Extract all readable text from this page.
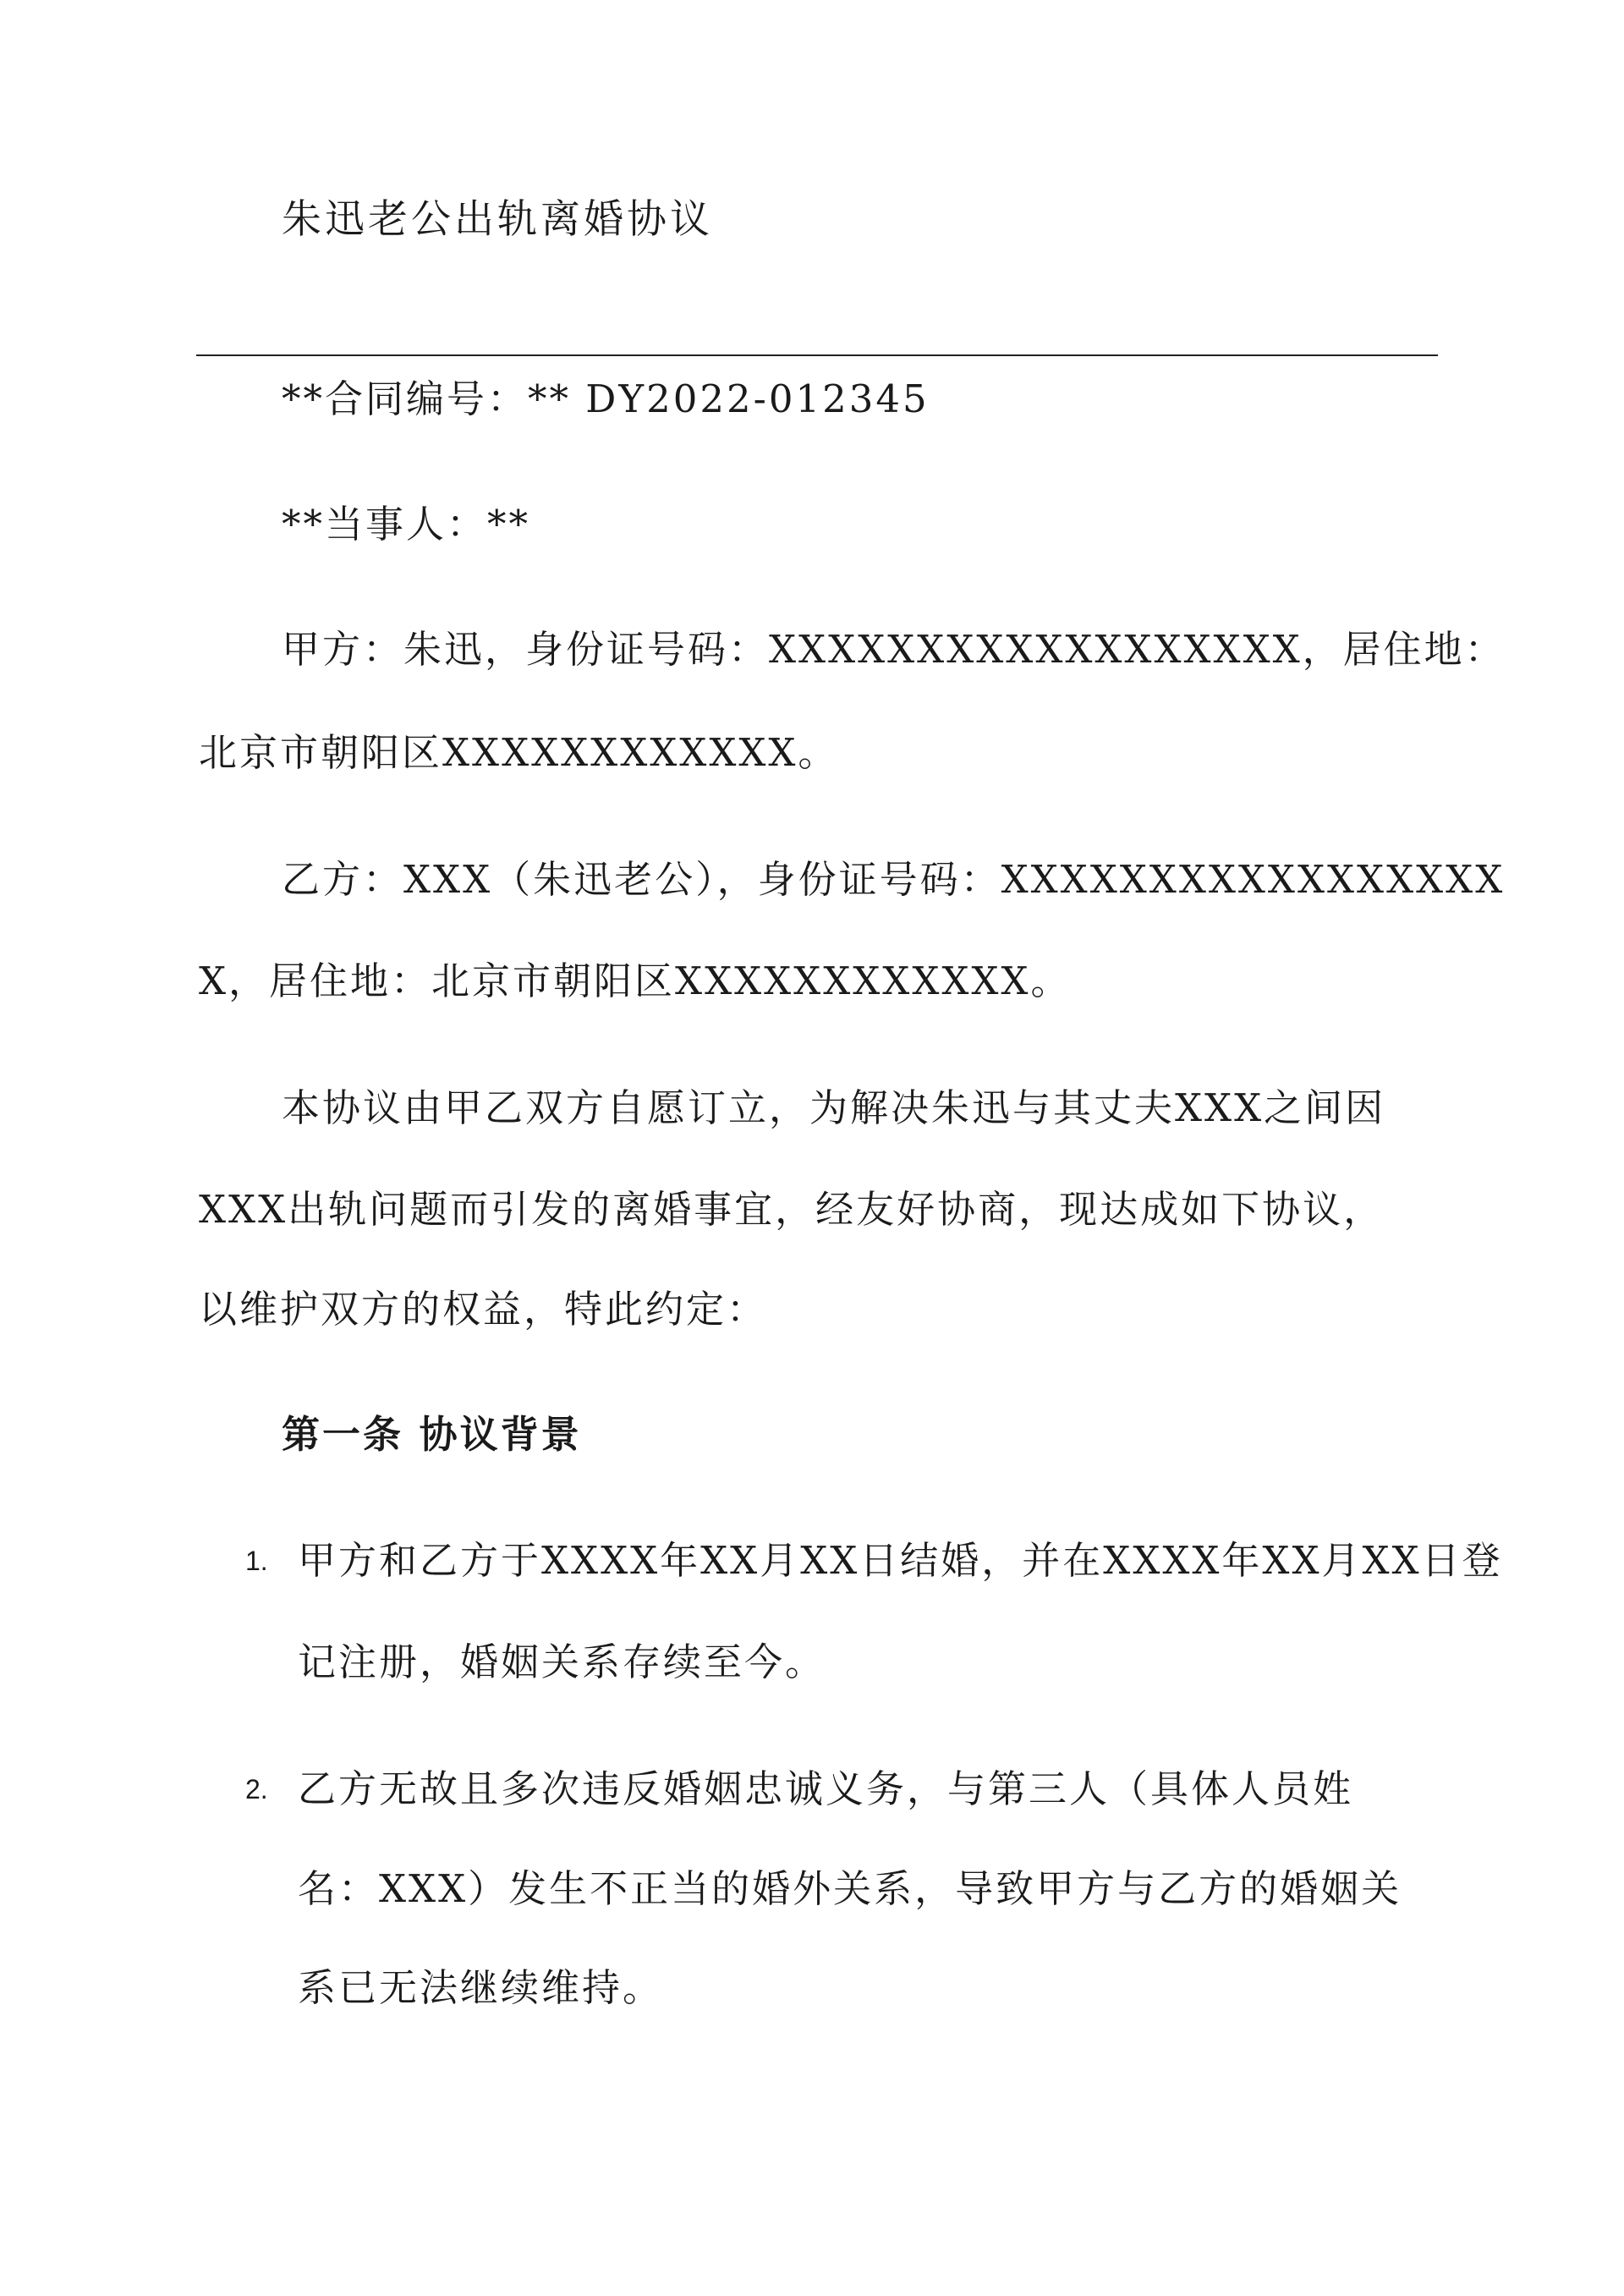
朱迅老公出轨离婚协议
**合同编号：** DY2022-012345
**当事人：**
甲方：朱迅，身份证号码：XXXXXXXXXXXXXXXXXX，居住地：
北京市朝阳区XXXXXXXXXXXX。
乙方：XXX（朱迅老公），身份证号码：XXXXXXXXXXXXXXXXX
X，居住地：北京市朝阳区XXXXXXXXXXXX。
本协议由甲乙双方自愿订立，为解决朱迅与其丈夫XXX之间因
XXX出轨问题而引发的离婚事宜，经友好协商，现达成如下协议，
以维护双方的权益，特此约定：
第一条 协议背景
1. 甲方和乙方于XXXX年XX月XX日结婚，并在XXXX年XX月XX日登
记注册，婚姻关系存续至今。
2. 乙方无故且多次违反婚姻忠诚义务，与第三人（具体人员姓
名：XXX）发生不正当的婚外关系，导致甲方与乙方的婚姻关
系已无法继续维持。
